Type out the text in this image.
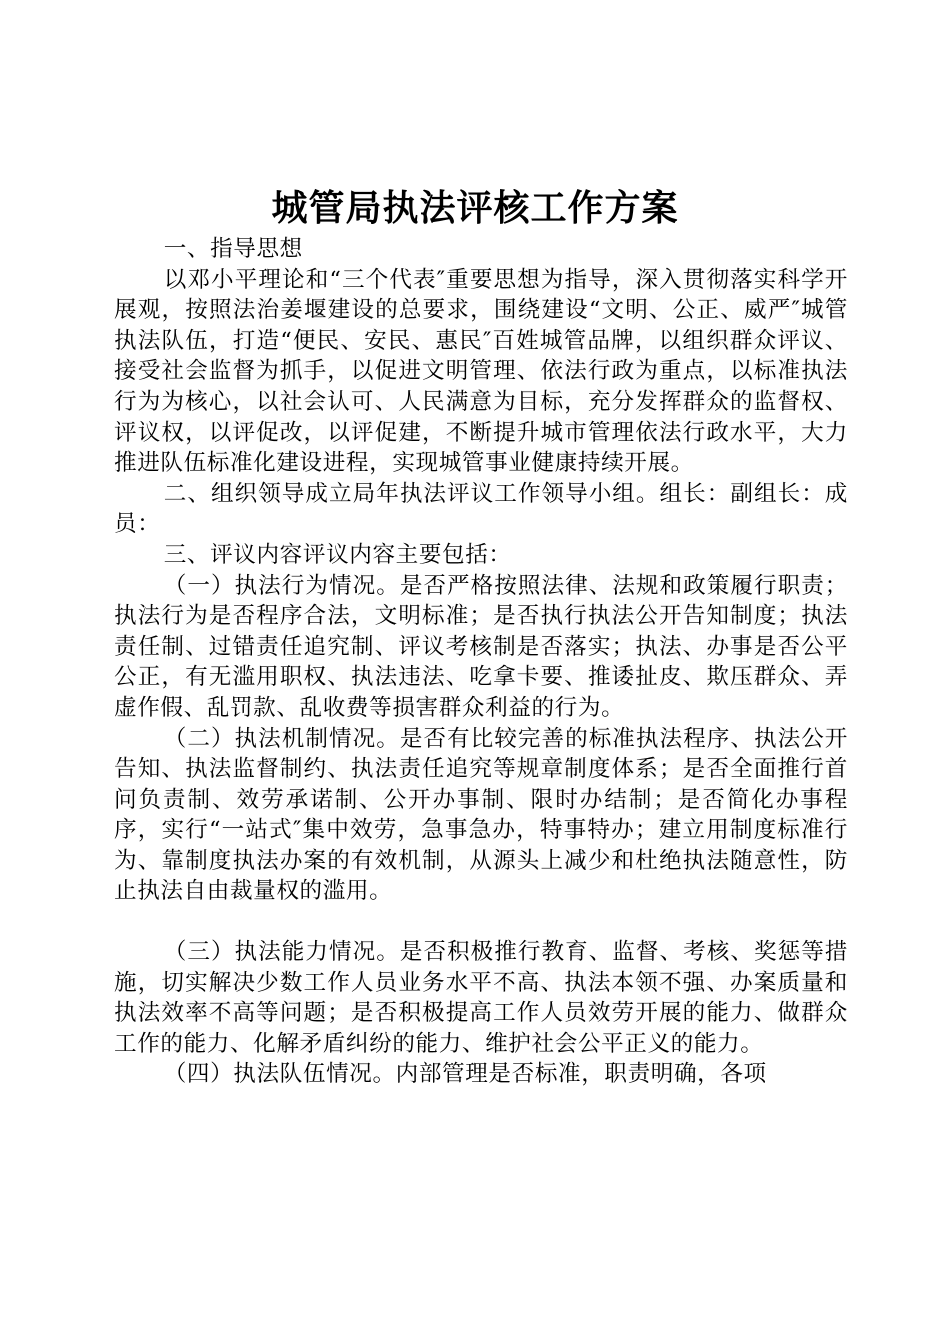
城管局执法评核工作方案

一、指导思想

以邓小平理论和“三个代表″重要思想为指导，深入贯彻落实科学开展观，按照法治姜堰建设的总要求，围绕建设“文明、公正、威严″城管执法队伍，打造“便民、安民、惠民″百姓城管品牌，以组织群众评议、接受社会监督为抓手，以促进文明管理、依法行政为重点，以标准执法行为为核心，以社会认可、人民满意为目标，充分发挥群众的监督权、评议权，以评促改，以评促建，不断提升城市管理依法行政水平，大力推进队伍标准化建设进程，实现城管事业健康持续开展。

二、组织领导成立局年执法评议工作领导小组。组长：副组长：成员：

三、评议内容评议内容主要包括：

（一）执法行为情况。是否严格按照法律、法规和政策履行职责；执法行为是否程序合法，文明标准；是否执行执法公开告知制度；执法责任制、过错责任追究制、评议考核制是否落实；执法、办事是否公平公正，有无滥用职权、执法违法、吃拿卡要、推诿扯皮、欺压群众、弄虚作假、乱罚款、乱收费等损害群众利益的行为。

（二）执法机制情况。是否有比较完善的标准执法程序、执法公开告知、执法监督制约、执法责任追究等规章制度体系；是否全面推行首问负责制、效劳承诺制、公开办事制、限时办结制；是否简化办事程序，实行“一站式″集中效劳，急事急办，特事特办；建立用制度标准行为、靠制度执法办案的有效机制，从源头上减少和杜绝执法随意性，防止执法自由裁量权的滥用。

（三）执法能力情况。是否积极推行教育、监督、考核、奖惩等措施，切实解决少数工作人员业务水平不高、执法本领不强、办案质量和执法效率不高等问题；是否积极提高工作人员效劳开展的能力、做群众工作的能力、化解矛盾纠纷的能力、维护社会公平正义的能力。

（四）执法队伍情况。内部管理是否标准，职责明确，各项
